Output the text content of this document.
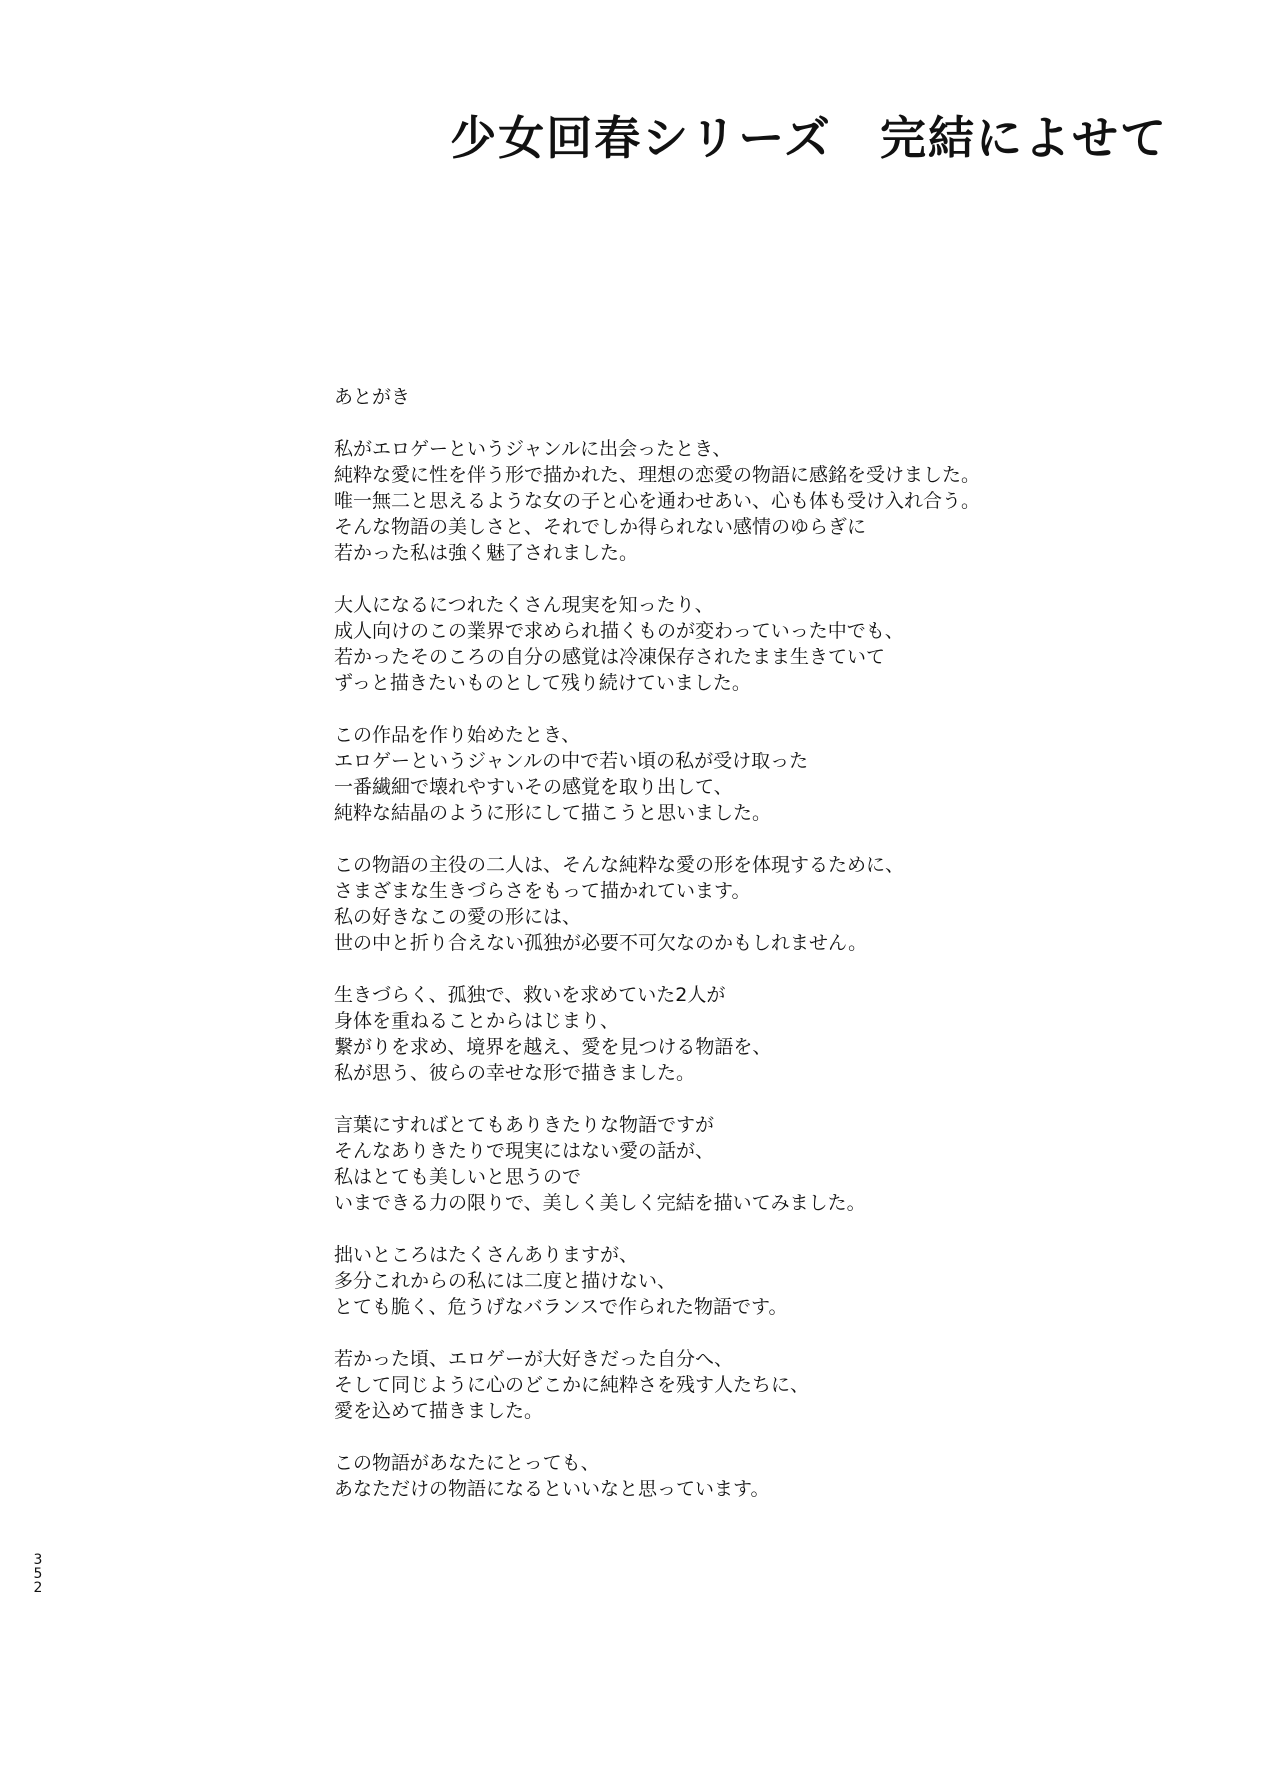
少女回春シリーズ　完結によせて
あとがき

私がエロゲーというジャンルに出会ったとき、
純粋な愛に性を伴う形で描かれた、理想の恋愛の物語に感銘を受けました。
唯一無二と思えるような女の子と心を通わせあい、心も体も受け入れ合う。
そんな物語の美しさと、それでしか得られない感情のゆらぎに
若かった私は強く魅了されました。

大人になるにつれたくさん現実を知ったり、
成人向けのこの業界で求められ描くものが変わっていった中でも、
若かったそのころの自分の感覚は冷凍保存されたまま生きていて
ずっと描きたいものとして残り続けていました。

この作品を作り始めたとき、
エロゲーというジャンルの中で若い頃の私が受け取った
一番繊細で壊れやすいその感覚を取り出して、
純粋な結晶のように形にして描こうと思いました。

この物語の主役の二人は、そんな純粋な愛の形を体現するために、
さまざまな生きづらさをもって描かれています。
私の好きなこの愛の形には、
世の中と折り合えない孤独が必要不可欠なのかもしれません。

生きづらく、孤独で、救いを求めていた2人が
身体を重ねることからはじまり、
繋がりを求め、境界を越え、愛を見つける物語を、
私が思う、彼らの幸せな形で描きました。

言葉にすればとてもありきたりな物語ですが
そんなありきたりで現実にはない愛の話が、
私はとても美しいと思うので
いまできる力の限りで、美しく美しく完結を描いてみました。

拙いところはたくさんありますが、
多分これからの私には二度と描けない、
とても脆く、危うげなバランスで作られた物語です。

若かった頃、エロゲーが大好きだった自分へ、
そして同じように心のどこかに純粋さを残す人たちに、
愛を込めて描きました。

この物語があなたにとっても、
あなただけの物語になるといいなと思っています。

3
5
2
